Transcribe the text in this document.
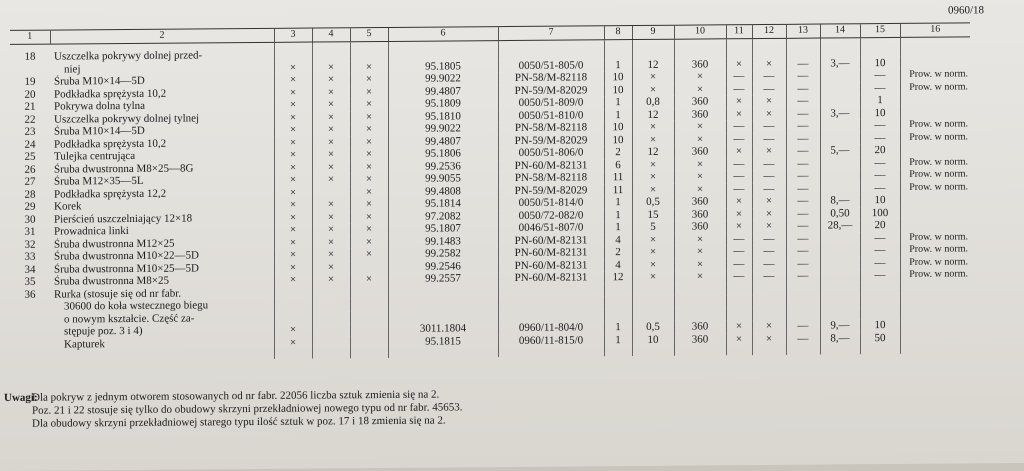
0960/18
1	2	3	4	5	6	7	8	9	10	11	12	13	14	15	16
18	Uszczelka pokrywy dolnej przed-														
	niej	×	×	×	95.1805	0050/51-805/0	1	12	360	×	×	—	3,—	10	
19	Śruba M10×14—5D	×	×	×	99.9022	PN-58/M-82118	10	×	×	—	—	—		—	Prow. w norm.
20	Podkładka sprężysta 10,2	×	×	×	99.4807	PN-59/M-82029	10	×	×	—	—	—		—	Prow. w norm.
21	Pokrywa dolna tylna	×	×	×	95.1809	0050/51-809/0	1	0,8	360	×	×	—		1	
22	Uszczelka pokrywy dolnej tylnej	×	×	×	95.1810	0050/51-810/0	1	12	360	×	×	—	3,—	10	
23	Śruba M10×14—5D	×	×	×	99.9022	PN-58/M-82118	10	×	×	—	—	—		—	Prow. w norm.
24	Podkładka sprężysta 10,2	×	×	×	99.4807	PN-59/M-82029	10	×	×	—	—	—		—	Prow. w norm.
25	Tulejka centrująca	×	×	×	95.1806	0050/51-806/0	2	12	360	×	×	—	5,—	20	
26	Śruba dwustronna M8×25—8G	×	×	×	99.2536	PN-60/M-82131	6	×	×	—	—	—		—	Prow. w norm.
27	Śruba M12×35—5L	×	×	×	99.9055	PN-58/M-82118	11	×	×	—	—	—		—	Prow. w norm.
28	Podkładka sprężysta 12,2	×		×	99.4808	PN-59/M-82029	11	×	×	—	—	—		—	Prow. w norm.
29	Korek	×	×	×	95.1814	0050/51-814/0	1	0,5	360	×	×	—	8,—	10	
30	Pierścień uszczelniający 12×18	×	×	×	97.2082	0050/72-082/0	1	15	360	×	×	—	0,50	100	
31	Prowadnica linki	×	×	×	95.1807	0046/51-807/0	1	5	360	×	×	—	28,—	20	
32	Śruba dwustronna M12×25	×	×	×	99.1483	PN-60/M-82131	4	×	×	—	—	—		—	Prow. w norm.
33	Śruba dwustronna M10×22—5D	×	×	×	99.2582	PN-60/M-82131	2	×	×	—	—	—		—	Prow. w norm.
34	Śruba dwustronna M10×25—5D	×	×		99.2546	PN-60/M-82131	4	×	×	—	—	—		—	Prow. w norm.
35	Śruba dwustronna M8×25	×	×	×	99.2557	PN-60/M-82131	12	×	×	—	—	—		—	Prow. w norm.
36	Rurka (stosuje się od nr fabr.														
	30600 do koła wstecznego biegu														
	o nowym kształcie. Część za-														
	stępuje poz. 3 i 4)	×			3011.1804	0960/11-804/0	1	0,5	360	×	×	—	9,—	10	
	Kapturek	×			95.1815	0960/11-815/0	1	10	360	×	×	—	8,—	50	
Uwagi:
Dla pokryw z jednym otworem stosowanych od nr fabr. 22056 liczba sztuk zmienia się na 2.
Poz. 21 i 22 stosuje się tylko do obudowy skrzyni przekładniowej nowego typu od nr fabr. 45653.
Dla obudowy skrzyni przekładniowej starego typu ilość sztuk w poz. 17 i 18 zmienia się na 2.
